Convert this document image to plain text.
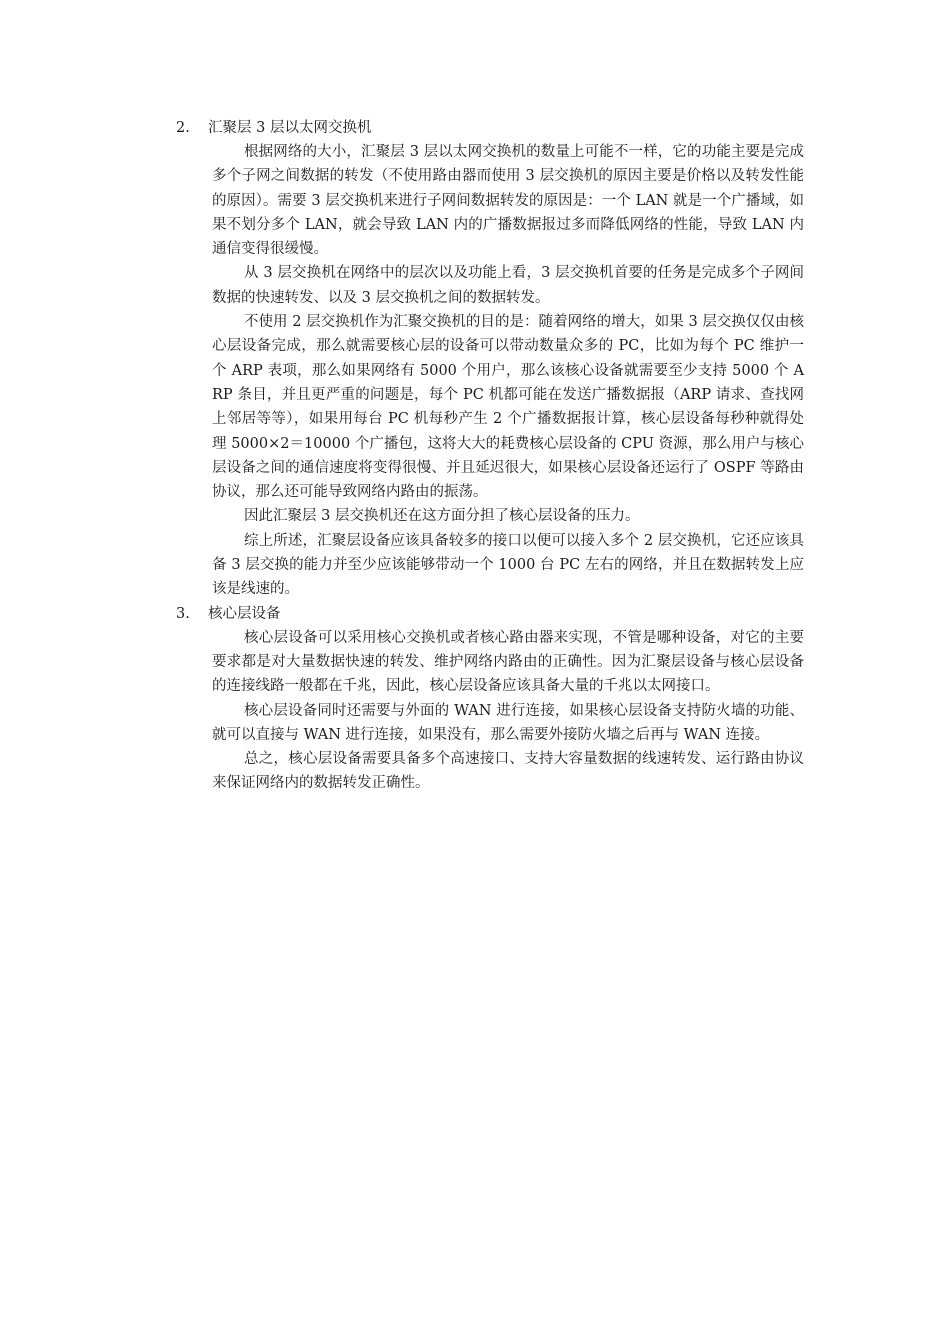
2.	汇聚层 3 层以太网交换机

根据网络的大小，汇聚层 3 层以太网交换机的数量上可能不一样，它的功能主要是完成多个子网之间数据的转发（不使用路由器而使用 3 层交换机的原因主要是价格以及转发性能的原因）。需要 3 层交换机来进行子网间数据转发的原因是：一个 LAN 就是一个广播域，如果不划分多个 LAN，就会导致 LAN 内的广播数据报过多而降低网络的性能，导致 LAN 内通信变得很缓慢。

从 3 层交换机在网络中的层次以及功能上看，3 层交换机首要的任务是完成多个子网间数据的快速转发、以及 3 层交换机之间的数据转发。

不使用 2 层交换机作为汇聚交换机的目的是：随着网络的增大，如果 3 层交换仅仅由核心层设备完成，那么就需要核心层的设备可以带动数量众多的 PC，比如为每个 PC 维护一个 ARP 表项，那么如果网络有 5000 个用户，那么该核心设备就需要至少支持 5000 个 ARP 条目，并且更严重的问题是，每个 PC 机都可能在发送广播数据报（ARP 请求、查找网上邻居等等），如果用每台 PC 机每秒产生 2 个广播数据报计算，核心层设备每秒种就得处理 5000×2＝10000 个广播包，这将大大的耗费核心层设备的 CPU 资源，那么用户与核心层设备之间的通信速度将变得很慢、并且延迟很大，如果核心层设备还运行了 OSPF 等路由协议，那么还可能导致网络内路由的振荡。

因此汇聚层 3 层交换机还在这方面分担了核心层设备的压力。

综上所述，汇聚层设备应该具备较多的接口以便可以接入多个 2 层交换机，它还应该具备 3 层交换的能力并至少应该能够带动一个 1000 台 PC 左右的网络，并且在数据转发上应该是线速的。

3.	核心层设备

核心层设备可以采用核心交换机或者核心路由器来实现，不管是哪种设备，对它的主要要求都是对大量数据快速的转发、维护网络内路由的正确性。因为汇聚层设备与核心层设备的连接线路一般都在千兆，因此，核心层设备应该具备大量的千兆以太网接口。

核心层设备同时还需要与外面的 WAN 进行连接，如果核心层设备支持防火墙的功能、就可以直接与 WAN 进行连接，如果没有，那么需要外接防火墙之后再与 WAN 连接。

总之，核心层设备需要具备多个高速接口、支持大容量数据的线速转发、运行路由协议来保证网络内的数据转发正确性。
